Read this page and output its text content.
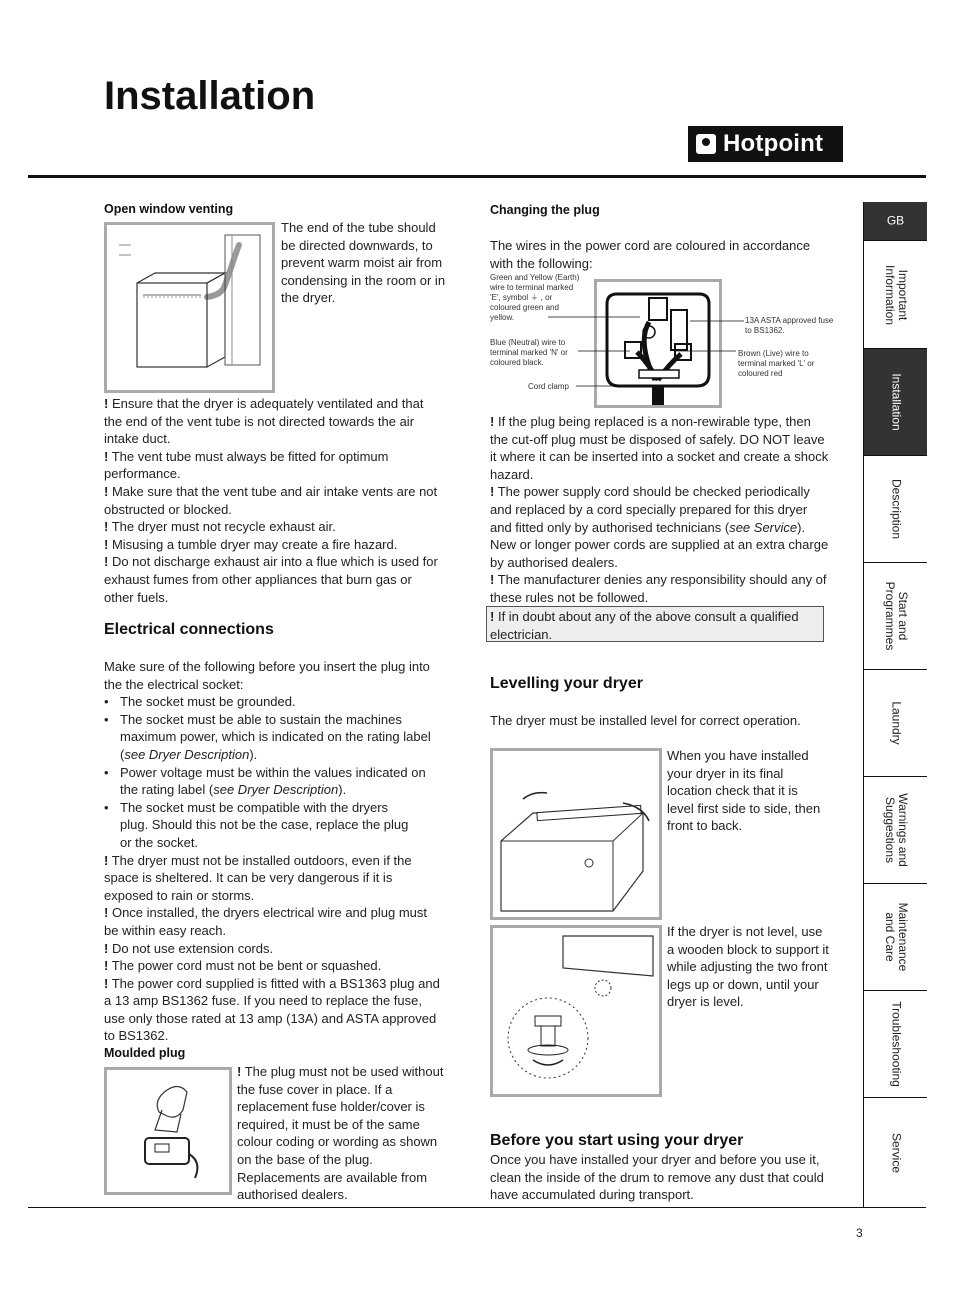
Installation
Hotpoint
Open window venting
The end of the tube should be directed downwards, to prevent warm moist air from condensing in the room or in the dryer.
! Ensure that the dryer is adequately ventilated and that the end of the vent tube is not directed towards the air intake duct.
! The vent tube must always be fitted for optimum performance.
! Make sure that the vent tube and air intake vents are not obstructed or blocked.
! The dryer must not recycle exhaust air.
! Misusing a tumble dryer may create a fire hazard.
! Do not discharge exhaust air into a flue which is used for exhaust fumes from other appliances that burn gas or other fuels.
Electrical connections
Make sure of the following before you insert the plug into the the electrical socket:
• The socket must be grounded.
• The socket must be able to sustain the machines maximum power, which is indicated on the rating label (see Dryer Description).
• Power voltage must be within the values indicated on the rating label (see Dryer Description).
• The socket must be compatible with the dryers plug. Should this not be the case, replace the plug or the socket.
! The dryer must not be installed outdoors, even if the space is sheltered. It can be very dangerous if it is exposed to rain or storms.
! Once installed, the dryers electrical wire and plug must be within easy reach.
! Do not use extension cords.
! The power cord must not be bent or squashed.
! The power cord supplied is fitted with a BS1363 plug and a 13 amp BS1362 fuse. If you need to replace the fuse, use only those rated at 13 amp (13A) and ASTA approved to BS1362.
Moulded plug
! The plug must not be used without the fuse cover in place. If a replacement fuse holder/cover is required, it must be of the same colour coding or wording as shown on the base of the plug. Replacements are available from authorised dealers.
Changing the plug
The wires in the power cord are coloured in accordance with the following:
Green and Yellow (Earth) wire to terminal marked 'E', symbol ⏚ , or coloured green and yellow.
Blue (Neutral) wire to terminal marked 'N' or coloured black.
Cord clamp
13A ASTA approved fuse to BS1362.
Brown (Live) wire to terminal marked 'L' or coloured red
! If the plug being replaced is a non-rewirable type, then the cut-off plug must be disposed of safely. DO NOT leave it where it can be inserted into a socket and create a shock hazard.
! The power supply cord should be checked periodically and replaced by a cord specially prepared for this dryer and fitted only by authorised technicians (see Service). New or longer power cords are supplied at an extra charge by authorised dealers.
! The manufacturer denies any responsibility should any of these rules not be followed.
! If in doubt about any of the above consult a qualified electrician.
Levelling your dryer
The dryer must be installed level for correct operation.
When you have installed your dryer in its final location check that it is level first side to side, then front to back.
If the dryer is not level, use a wooden block to support it while adjusting the two front legs up or down, until your dryer is level.
Before you start using your dryer
Once you have installed your dryer and before you use it, clean the inside of the drum to remove any dust that could have accumulated during transport.
GB
Important
Information
Installation
Description
Start and
Programmes
Laundry
Warnings and
Suggestions
Maintenance
and Care
Troubleshooting
Service
3
